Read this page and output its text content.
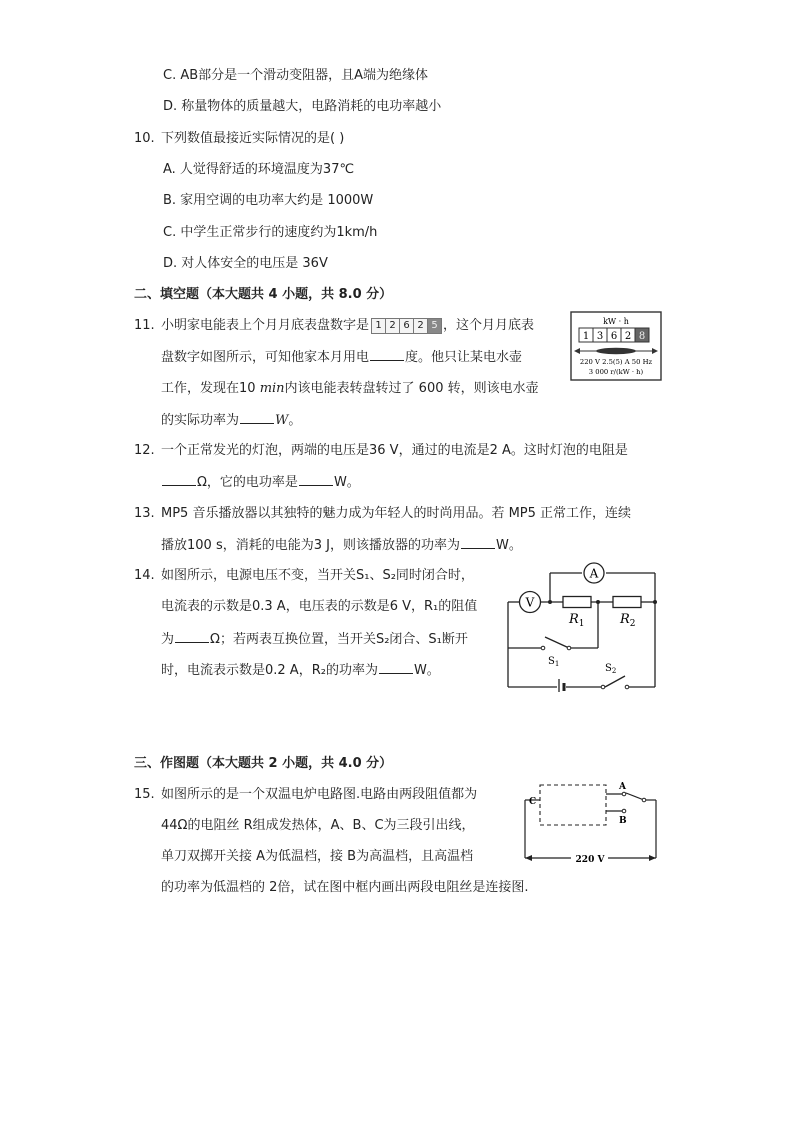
C. AB部分是一个滑动变阻器，且A端为绝缘体
D. 称量物体的质量越大，电路消耗的电功率越小
10. 下列数值最接近实际情况的是( )
A. 人觉得舒适的环境温度为37℃
B. 家用空调的电功率大约是 1000W
C. 中学生正常步行的速度约为1km/h
D. 对人体安全的电压是 36V
二、填空题（本大题共 4 小题，共 8.0 分）
11. 小明家电能表上个月月底表盘数字是 1 2 6 2 5 ，这个月月底表
盘数字如图所示，可知他家本月用电	度。他只让某电水壶
工作，发现在10 min内该电能表转盘转过了 600 转，则该电水壶
的实际功率为	W。
kW · h
1 3 6 2 8
220 V 2.5(5) A 50 Hz
3 000 r/(kW · h)
12. 一个正常发光的灯泡，两端的电压是36 V，通过的电流是2 A。这时灯泡的电阻是
Ω，它的电功率是	W。
13. MP5 音乐播放器以其独特的魅力成为年轻人的时尚用品。若 MP5 正常工作，连续
播放100 s，消耗的电能为3 J，则该播放器的功率为	W。
14. 如图所示，电源电压不变，当开关S₁、S₂同时闭合时，
电流表的示数是0.3 A，电压表的示数是6 V，R₁的阻值
为	Ω；若两表互换位置，当开关S₂闭合、S₁断开
时，电流表示数是0.2 A，R₂的功率为	W。
A
V
$R_1$	$R_2$
$S_1$	$S_2$
三、作图题（本大题共 2 小题，共 4.0 分）
15. 如图所示的是一个双温电炉电路图.电路由两段阻值都为
44Ω的电阻丝 R组成发热体，A、B、C为三段引出线，
单刀双掷开关接 A为低温档，接 B为高温档，且高温档
的功率为低温档的 2倍，试在图中框内画出两段电阻丝是连接图.
A
B
C
220 V
